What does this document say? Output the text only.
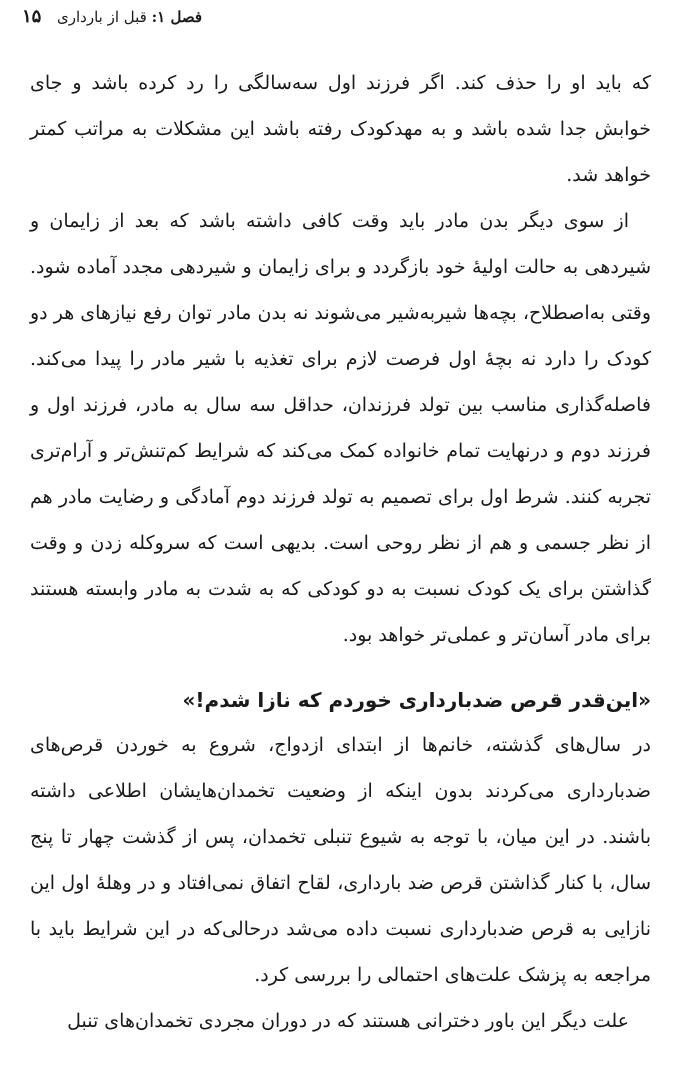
فصل ۱: قبل از بارداری
۱۵

که باید او را حذف کند. اگر فرزند اول سه‌سالگی را رد کرده باشد و جای خوابش جدا شده باشد و به مهدکودک رفته باشد این مشکلات به مراتب کمتر خواهد شد.

از سوی دیگر بدن مادر باید وقت کافی داشته باشد که بعد از زایمان و شیردهی به حالت اولیهٔ خود بازگردد و برای زایمان و شیردهی مجدد آماده شود. وقتی به‌اصطلاح، بچه‌ها شیربه‌شیر می‌شوند نه بدن مادر توان رفع نیازهای هر دو کودک را دارد نه بچهٔ اول فرصت لازم برای تغذیه با شیر مادر را پیدا می‌کند. فاصله‌گذاری مناسب بین تولد فرزندان، حداقل سه سال به مادر، فرزند اول و فرزند دوم و درنهایت تمام خانواده کمک می‌کند که شرایط کم‌تنش‌تر و آرام‌تری تجربه کنند. شرط اول برای تصمیم به تولد فرزند دوم آمادگی و رضایت مادر هم از نظر جسمی و هم از نظر روحی است. بدیهی است که سروکله زدن و وقت گذاشتن برای یک کودک نسبت به دو کودکی که به شدت به مادر وابسته هستند برای مادر آسان‌تر و عملی‌تر خواهد بود.

«این‌قدر قرص ضدبارداری خوردم که نازا شدم!»

در سال‌های گذشته، خانم‌ها از ابتدای ازدواج، شروع به خوردن قرص‌های ضدبارداری می‌کردند بدون اینکه از وضعیت تخمدان‌هایشان اطلاعی داشته باشند. در این میان، با توجه به شیوع تنبلی تخمدان، پس از گذشت چهار تا پنج سال، با کنار گذاشتن قرص ضد بارداری، لقاح اتفاق نمی‌افتاد و در وهلهٔ اول این نازایی به قرص ضدبارداری نسبت داده می‌شد درحالی‌که در این شرایط باید با مراجعه به پزشک علت‌های احتمالی را بررسی کرد.

علت دیگر این باور دخترانی هستند که در دوران مجردی تخمدان‌های تنبل
